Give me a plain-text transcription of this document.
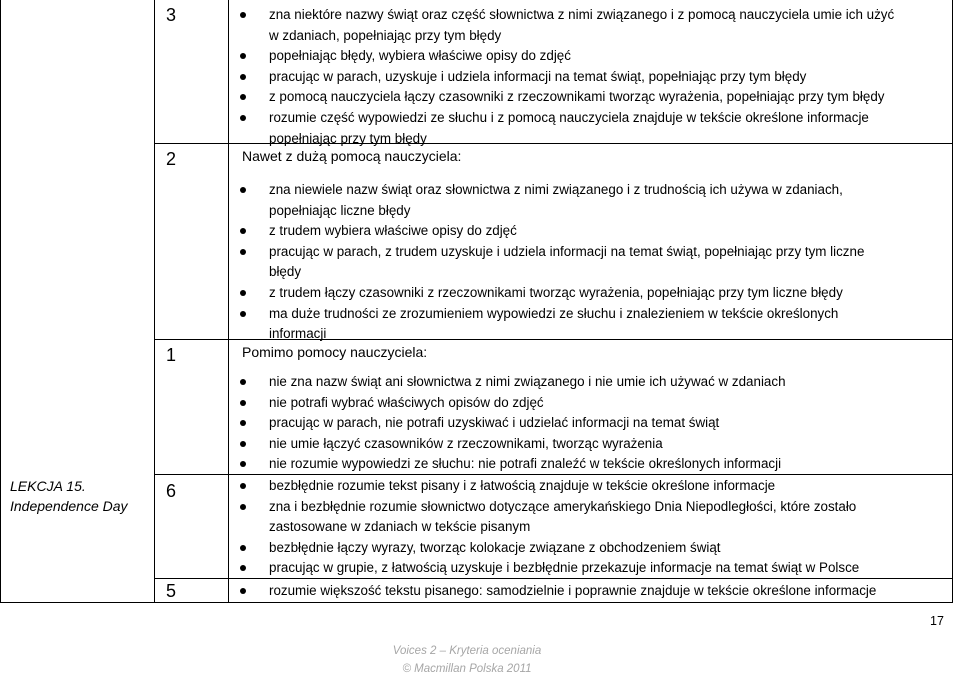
LEKCJA 15.
Independence Day
3
2	Nawet z dużą pomocą nauczyciela:
1	Pomimo pomocy nauczyciela:
6
5
zna niektóre nazwy świąt oraz część słownictwa z nimi związanego i z pomocą nauczyciela umie ich użyć
w zdaniach, popełniając przy tym błędy
popełniając błędy, wybiera właściwe opisy do zdjęć
pracując w parach, uzyskuje i udziela informacji na temat świąt, popełniając przy tym błędy
z pomocą nauczyciela łączy czasowniki z rzeczownikami tworząc wyrażenia, popełniając przy tym błędy
rozumie część wypowiedzi ze słuchu i z pomocą nauczyciela znajduje w tekście określone informacje
popełniając przy tym błędy
zna niewiele nazw świąt oraz słownictwa z nimi związanego i z trudnością ich używa w zdaniach,
popełniając liczne błędy
z trudem wybiera właściwe opisy do zdjęć
pracując w parach, z trudem uzyskuje i udziela informacji na temat świąt, popełniając przy tym liczne
błędy
z trudem łączy czasowniki z rzeczownikami tworząc wyrażenia, popełniając przy tym liczne błędy
ma duże trudności ze zrozumieniem wypowiedzi ze słuchu i znalezieniem w tekście określonych
informacji
nie zna nazw świąt ani słownictwa z nimi związanego i nie umie ich używać w zdaniach
nie potrafi wybrać właściwych opisów do zdjęć
pracując w parach, nie potrafi uzyskiwać i udzielać informacji na temat świąt
nie umie łączyć czasowników z rzeczownikami, tworząc wyrażenia
nie rozumie wypowiedzi ze słuchu: nie potrafi znaleźć w tekście określonych informacji
bezbłędnie rozumie tekst pisany i z łatwością znajduje w tekście określone informacje
zna i bezbłędnie rozumie słownictwo dotyczące amerykańskiego Dnia Niepodległości, które zostało
zastosowane w zdaniach w tekście pisanym
bezbłędnie łączy wyrazy, tworząc kolokacje związane z obchodzeniem świąt
pracując w grupie, z łatwością uzyskuje i bezbłędnie przekazuje informacje na temat świąt w Polsce
rozumie większość tekstu pisanego: samodzielnie i poprawnie znajduje w tekście określone informacje
17
Voices 2 – Kryteria oceniania
© Macmillan Polska 2011
